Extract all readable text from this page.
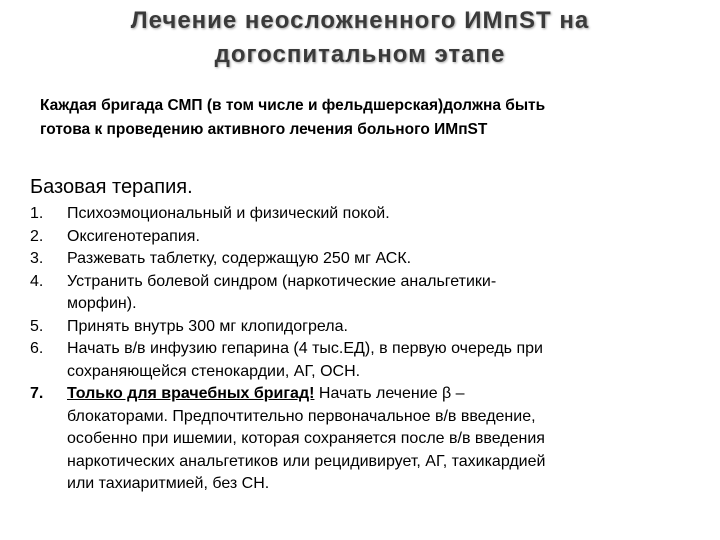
Лечение неосложненного ИМпST на
догоспитальном этапе
Каждая бригада СМП (в том числе и фельдшерская)должна быть
готова к проведению активного лечения больного ИМпST
Базовая терапия.
1.	Психоэмоциональный и физический покой.
2.	Оксигенотерапия.
3.	Разжевать таблетку, содержащую 250 мг АСК.
4.	Устранить болевой синдром (наркотические анальгетики-
морфин).
5.	Принять внутрь 300 мг клопидогрела.
6.	Начать в/в инфузию гепарина (4 тыс.ЕД), в первую очередь при
сохраняющейся стенокардии, АГ, ОСН.
7.	Только для врачебных бригад! Начать лечение β –
блокаторами. Предпочтительно первоначальное в/в введение,
особенно при ишемии, которая сохраняется после в/в введения
наркотических анальгетиков или рецидивирует, АГ, тахикардией
или тахиаритмией, без СН.
